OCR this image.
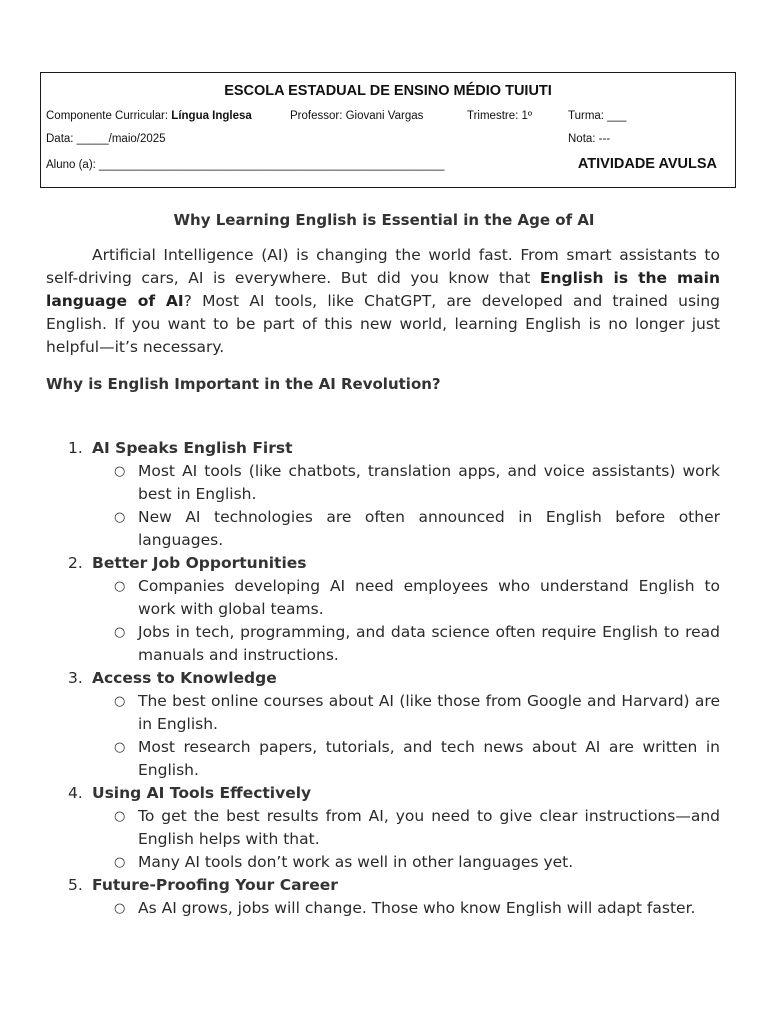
ESCOLA ESTADUAL DE ENSINO MÉDIO TUIUTI
Componente Curricular: Língua Inglesa	Professor: Giovani Vargas	Trimestre: 1º	Turma: ___
Data: _____/maio/2025	Nota: ---
Aluno (a): ______________________________________________________	ATIVIDADE AVULSA
Why Learning English is Essential in the Age of AI

Artificial Intelligence (AI) is changing the world fast. From smart assistants to self-driving cars, AI is everywhere. But did you know that English is the main language of AI? Most AI tools, like ChatGPT, are developed and trained using English. If you want to be part of this new world, learning English is no longer just helpful—it’s necessary.

Why is English Important in the AI Revolution?
1. AI Speaks English First
○ Most AI tools (like chatbots, translation apps, and voice assistants) work best in English.
○ New AI technologies are often announced in English before other languages.
2. Better Job Opportunities
○ Companies developing AI need employees who understand English to work with global teams.
○ Jobs in tech, programming, and data science often require English to read manuals and instructions.
3. Access to Knowledge
○ The best online courses about AI (like those from Google and Harvard) are in English.
○ Most research papers, tutorials, and tech news about AI are written in English.
4. Using AI Tools Effectively
○ To get the best results from AI, you need to give clear instructions—and English helps with that.
○ Many AI tools don’t work as well in other languages yet.
5. Future-Proofing Your Career
○ As AI grows, jobs will change. Those who know English will adapt faster.
